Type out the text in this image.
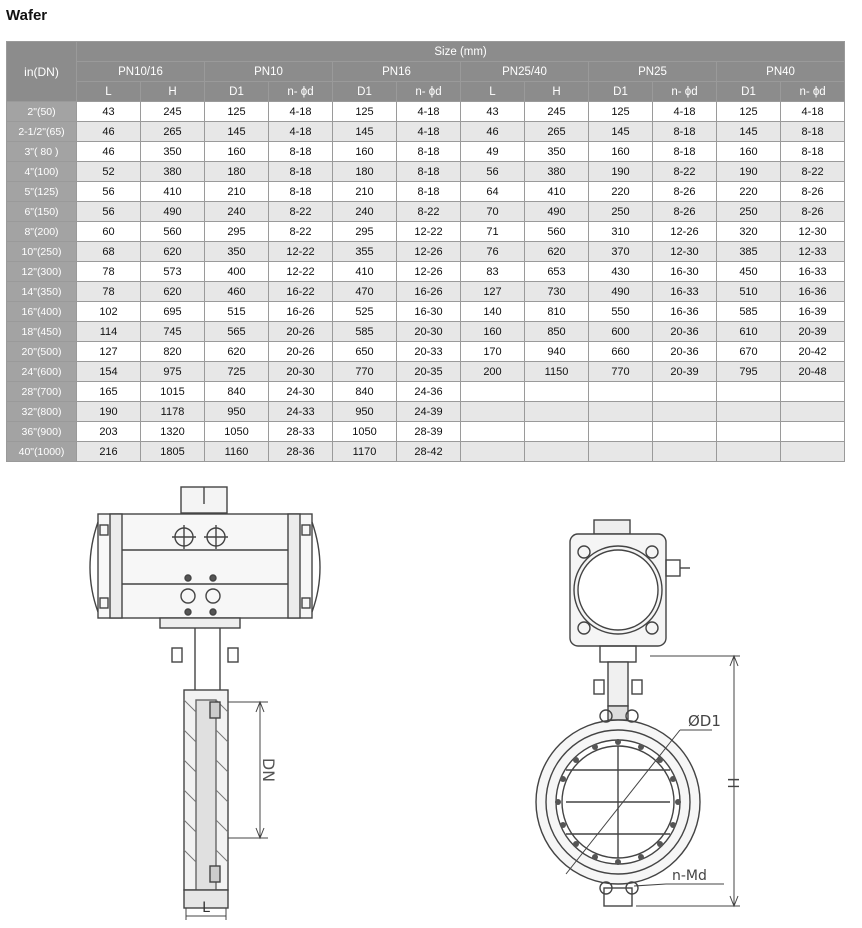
Wafer
in(DN)	Size (mm)											
	PN10/16		PN10		PN16		PN25/40		PN25		PN40	
	L	H	D1	n- ϕd	D1	n- ϕd	L	H	D1	n- ϕd	D1	n- ϕd
2"(50)	43	245	125	4-18	125	4-18	43	245	125	4-18	125	4-18
2-1/2"(65)	46	265	145	4-18	145	4-18	46	265	145	8-18	145	8-18
3"( 80 )	46	350	160	8-18	160	8-18	49	350	160	8-18	160	8-18
4"(100)	52	380	180	8-18	180	8-18	56	380	190	8-22	190	8-22
5"(125)	56	410	210	8-18	210	8-18	64	410	220	8-26	220	8-26
6"(150)	56	490	240	8-22	240	8-22	70	490	250	8-26	250	8-26
8"(200)	60	560	295	8-22	295	12-22	71	560	310	12-26	320	12-30
10"(250)	68	620	350	12-22	355	12-26	76	620	370	12-30	385	12-33
12"(300)	78	573	400	12-22	410	12-26	83	653	430	16-30	450	16-33
14"(350)	78	620	460	16-22	470	16-26	127	730	490	16-33	510	16-36
16"(400)	102	695	515	16-26	525	16-30	140	810	550	16-36	585	16-39
18"(450)	114	745	565	20-26	585	20-30	160	850	600	20-36	610	20-39
20"(500)	127	820	620	20-26	650	20-33	170	940	660	20-36	670	20-42
24"(600)	154	975	725	20-30	770	20-35	200	1150	770	20-39	795	20-48
28"(700)	165	1015	840	24-30	840	24-36						
32"(800)	190	1178	950	24-33	950	24-39						
36"(900)	203	1320	1050	28-33	1050	28-39						
40"(1000)	216	1805	1160	28-36	1170	28-42						
DN
L
ØD1
H
n-Md
